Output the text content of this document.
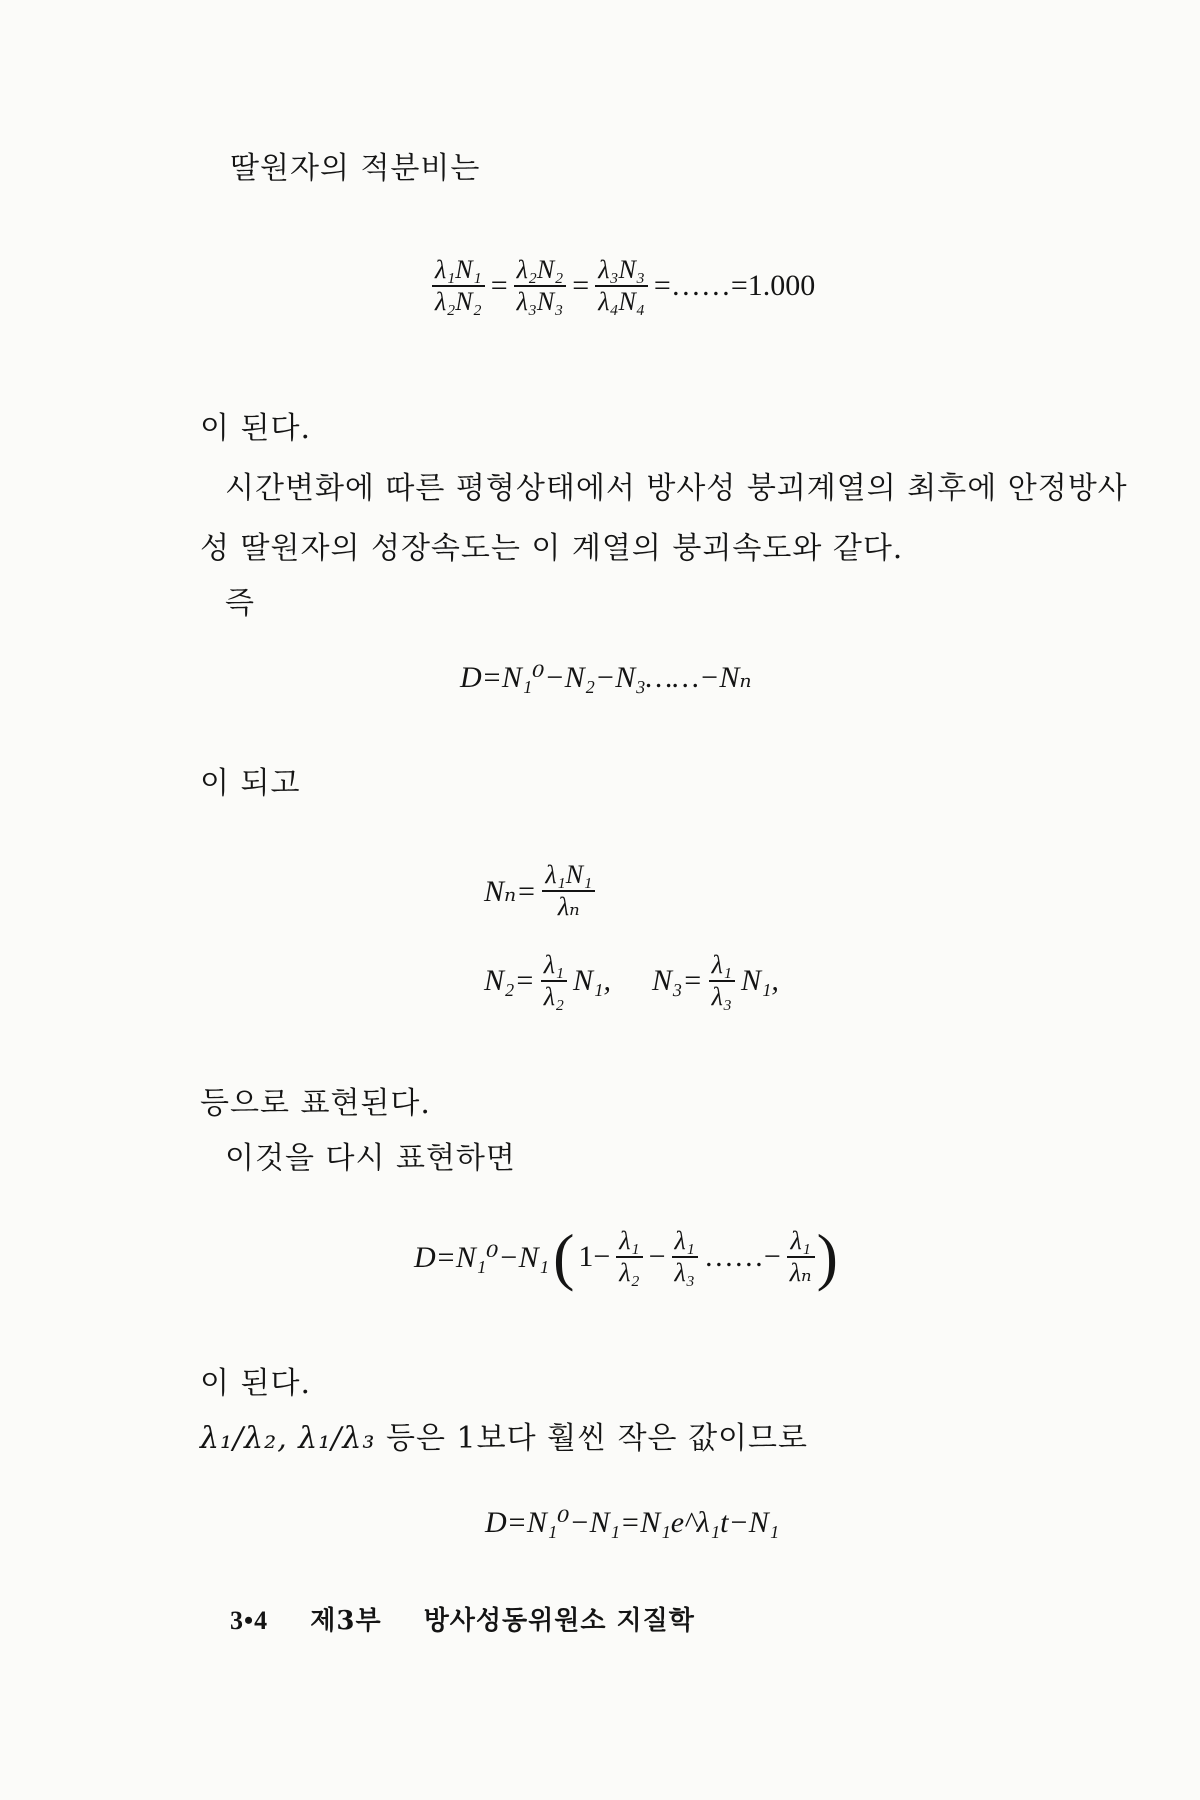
딸원자의 적분비는
$\frac{\text{λ₁N₁}}{\text{λ₂N₂}} = \frac{\text{λ₂N₂}}{\text{λ₃N₃}} = \frac{\text{λ₃N₃}}{\text{λ₄N₄}}$ =……=1.000
이 된다.
시간변화에 따른 평형상태에서 방사성 붕괴계열의 최후에 안정방사
성 딸원자의 성장속도는 이 계열의 붕괴속도와 같다.
즉
D=N₁⁰−N₂−N₃……−Nₙ
이 되고
$N_n= \frac{\text{λ₁N₁}}{\text{λₙ}}$
$N_2= \frac{\text{λ₁}}{\text{λ₂}} N_1$, $N_3= \frac{\text{λ₁}}{\text{λ₃}} N_1$,
등으로 표현된다.
이것을 다시 표현하면
D=N₁⁰−N₁( $1- \frac{\text{λ₁}}{\text{λ₂}} - \frac{\text{λ₁}}{\text{λ₃}}$ ……− $\frac{\text{λ₁}}{\text{λₙ}}$ )
이 된다.
λ₁/λ₂, λ₁/λ₃ 등은 1보다 훨씬 작은 값이므로
D=N₁⁰−N₁=N₁e^λ₁t−N₁
3•4 제3부 방사성동위원소 지질학
